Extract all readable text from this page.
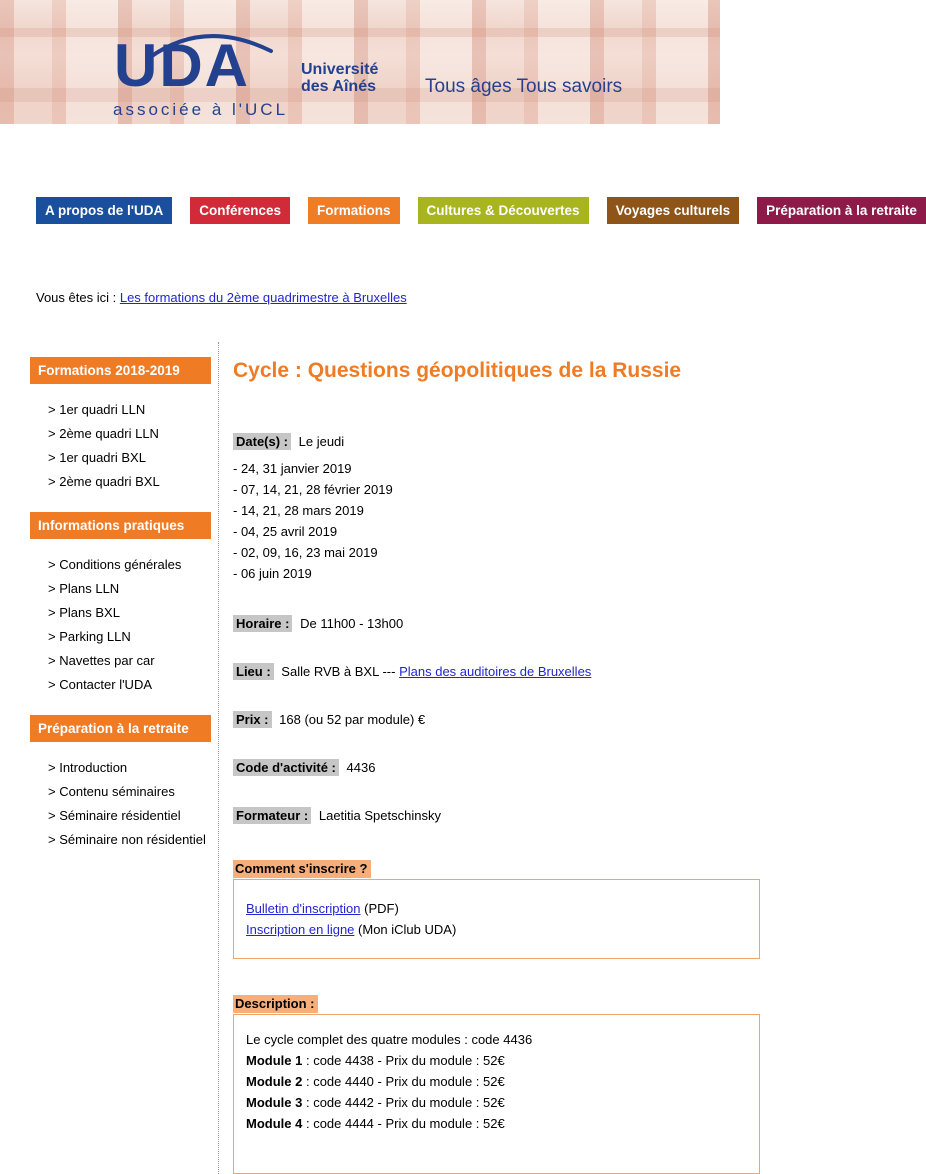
UDA	Université
des Aînés
associée à l'UCL
Tous âges Tous savoirs
A propos de l'UDA	Conférences	Formations	Cultures & Découvertes	Voyages culturels	Préparation à la retraite
Vous êtes ici : Les formations du 2ème quadrimestre à Bruxelles
Formations 2018-2019
> 1er quadri LLN
> 2ème quadri LLN
> 1er quadri BXL
> 2ème quadri BXL
Informations pratiques
> Conditions générales
> Plans LLN
> Plans BXL
> Parking LLN
> Navettes par car
> Contacter l'UDA
Préparation à la retraite
> Introduction
> Contenu séminaires
> Séminaire résidentiel
> Séminaire non résidentiel
Cycle : Questions géopolitiques de la Russie
Date(s) : Le jeudi
- 24, 31 janvier 2019
- 07, 14, 21, 28 février 2019
- 14, 21, 28 mars 2019
- 04, 25 avril 2019
- 02, 09, 16, 23 mai 2019
- 06 juin 2019
Horaire : De 11h00 - 13h00
Lieu : Salle RVB à BXL --- Plans des auditoires de Bruxelles
Prix : 168 (ou 52 par module) €
Code d'activité : 4436
Formateur : Laetitia Spetschinsky
Comment s'inscrire ?
Bulletin d'inscription (PDF)
Inscription en ligne (Mon iClub UDA)
Description :
Le cycle complet des quatre modules : code 4436
Module 1 : code 4438 - Prix du module : 52€
Module 2 : code 4440 - Prix du module : 52€
Module 3 : code 4442 - Prix du module : 52€
Module 4 : code 4444 - Prix du module : 52€
